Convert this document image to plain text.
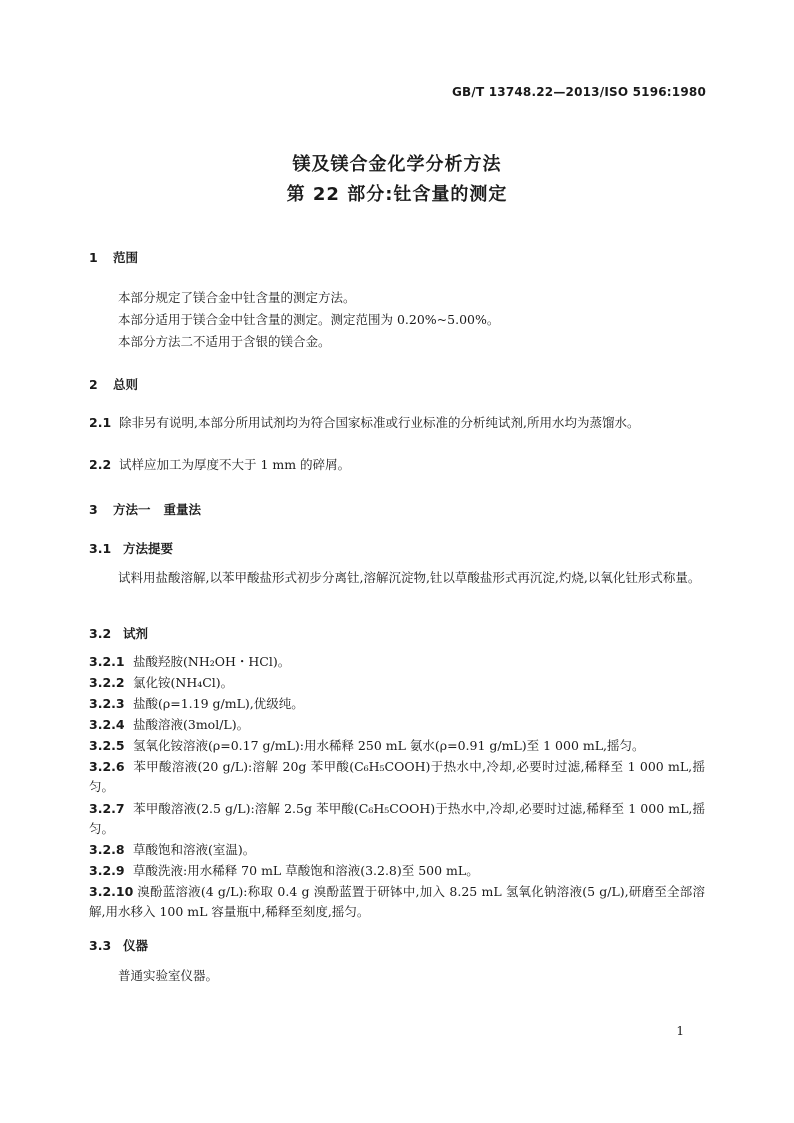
GB/T 13748.22—2013/ISO 5196:1980
镁及镁合金化学分析方法
第 22 部分:钍含量的测定
1 范围
本部分规定了镁合金中钍含量的测定方法。
本部分适用于镁合金中钍含量的测定。测定范围为 0.20%~5.00%。
本部分方法二不适用于含银的镁合金。
2 总则
2.1 除非另有说明,本部分所用试剂均为符合国家标准或行业标准的分析纯试剂,所用水均为蒸馏水。
2.2 试样应加工为厚度不大于 1 mm 的碎屑。
3 方法一   重量法
3.1 方法提要
试料用盐酸溶解,以苯甲酸盐形式初步分离钍,溶解沉淀物,钍以草酸盐形式再沉淀,灼烧,以氧化钍形式称量。
3.2 试剂
3.2.1 盐酸羟胺(NH₂OH・HCl)。
3.2.2 氯化铵(NH₄Cl)。
3.2.3 盐酸(ρ=1.19 g/mL),优级纯。
3.2.4 盐酸溶液(3mol/L)。
3.2.5 氢氧化铵溶液(ρ=0.17 g/mL):用水稀释 250 mL 氨水(ρ=0.91 g/mL)至 1 000 mL,摇匀。
3.2.6 苯甲酸溶液(20 g/L):溶解 20g 苯甲酸(C₆H₅COOH)于热水中,冷却,必要时过滤,稀释至 1 000 mL,摇匀。
3.2.7 苯甲酸溶液(2.5 g/L):溶解 2.5g 苯甲酸(C₆H₅COOH)于热水中,冷却,必要时过滤,稀释至 1 000 mL,摇匀。
3.2.8 草酸饱和溶液(室温)。
3.2.9 草酸洗液:用水稀释 70 mL 草酸饱和溶液(3.2.8)至 500 mL。
3.2.10 溴酚蓝溶液(4 g/L):称取 0.4 g 溴酚蓝置于研钵中,加入 8.25 mL 氢氧化钠溶液(5 g/L),研磨至全部溶解,用水移入 100 mL 容量瓶中,稀释至刻度,摇匀。
3.3 仪器
普通实验室仪器。
1
